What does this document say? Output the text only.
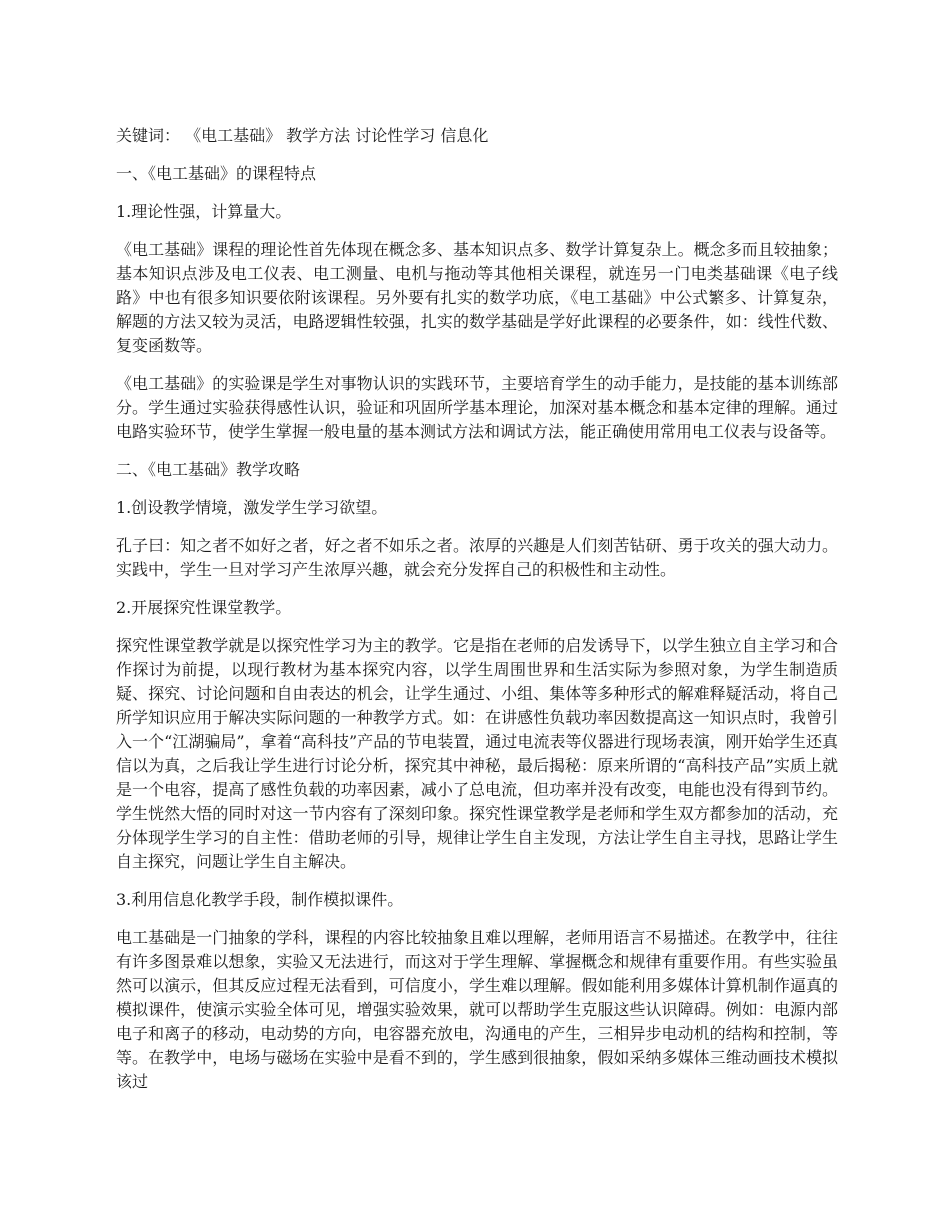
关键词： 《电工基础》 教学方法 讨论性学习 信息化

一、《电工基础》的课程特点

1.理论性强，计算量大。

《电工基础》课程的理论性首先体现在概念多、基本知识点多、数学计算复杂上。概念多而且较抽象；基本知识点涉及电工仪表、电工测量、电机与拖动等其他相关课程，就连另一门电类基础课《电子线路》中也有很多知识要依附该课程。另外要有扎实的数学功底，《电工基础》中公式繁多、计算复杂，解题的方法又较为灵活，电路逻辑性较强，扎实的数学基础是学好此课程的必要条件，如：线性代数、复变函数等。

《电工基础》的实验课是学生对事物认识的实践环节，主要培育学生的动手能力，是技能的基本训练部分。学生通过实验获得感性认识，验证和巩固所学基本理论，加深对基本概念和基本定律的理解。通过电路实验环节，使学生掌握一般电量的基本测试方法和调试方法，能正确使用常用电工仪表与设备等。

二、《电工基础》教学攻略

1.创设教学情境，激发学生学习欲望。

孔子曰：知之者不如好之者，好之者不如乐之者。浓厚的兴趣是人们刻苦钻研、勇于攻关的强大动力。实践中，学生一旦对学习产生浓厚兴趣，就会充分发挥自己的积极性和主动性。

2.开展探究性课堂教学。

探究性课堂教学就是以探究性学习为主的教学。它是指在老师的启发诱导下，以学生独立自主学习和合作探讨为前提，以现行教材为基本探究内容，以学生周围世界和生活实际为参照对象，为学生制造质疑、探究、讨论问题和自由表达的机会，让学生通过、小组、集体等多种形式的解难释疑活动，将自己所学知识应用于解决实际问题的一种教学方式。如：在讲感性负载功率因数提高这一知识点时，我曾引入一个“江湖骗局”，拿着“高科技”产品的节电装置，通过电流表等仪器进行现场表演，刚开始学生还真信以为真，之后我让学生进行讨论分析，探究其中神秘，最后揭秘：原来所谓的“高科技产品”实质上就是一个电容，提高了感性负载的功率因素，减小了总电流，但功率并没有改变，电能也没有得到节约。学生恍然大悟的同时对这一节内容有了深刻印象。探究性课堂教学是老师和学生双方都参加的活动，充分体现学生学习的自主性：借助老师的引导，规律让学生自主发现，方法让学生自主寻找，思路让学生自主探究，问题让学生自主解决。

3.利用信息化教学手段，制作模拟课件。

电工基础是一门抽象的学科，课程的内容比较抽象且难以理解，老师用语言不易描述。在教学中，往往有许多图景难以想象，实验又无法进行，而这对于学生理解、掌握概念和规律有重要作用。有些实验虽然可以演示，但其反应过程无法看到，可信度小，学生难以理解。假如能利用多媒体计算机制作逼真的模拟课件，使演示实验全体可见，增强实验效果，就可以帮助学生克服这些认识障碍。例如：电源内部电子和离子的移动，电动势的方向，电容器充放电，沟通电的产生，三相异步电动机的结构和控制，等等。在教学中，电场与磁场在实验中是看不到的，学生感到很抽象，假如采纳多媒体三维动画技术模拟该过
